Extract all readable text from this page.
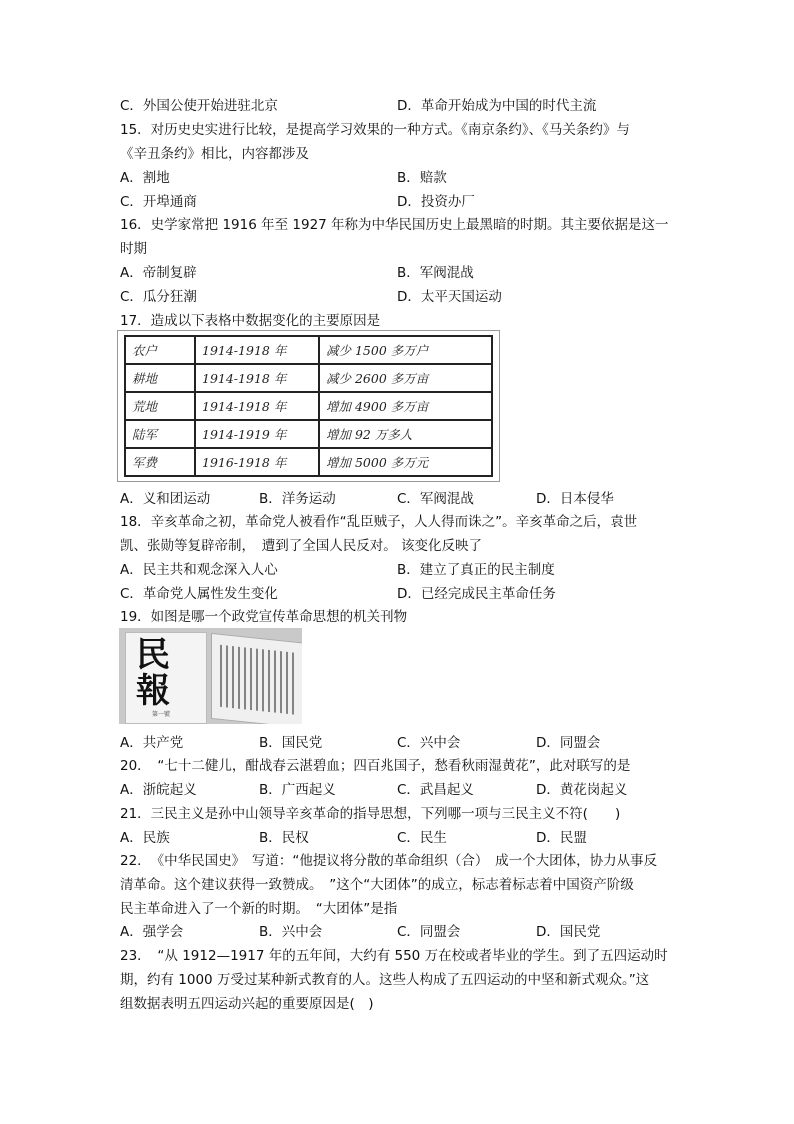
C．外国公使开始进驻北京	D．革命开始成为中国的时代主流
15．对历史史实进行比较，是提高学习效果的一种方式。《南京条约》、《马关条约》与
《辛丑条约》相比，内容都涉及
A．割地	B．赔款
C．开埠通商	D．投资办厂
16．史学家常把 1916 年至 1927 年称为中华民国历史上最黑暗的时期。其主要依据是这一
时期
A．帝制复辟	B．军阀混战
C．瓜分狂潮	D．太平天国运动
17．造成以下表格中数据变化的主要原因是
A．义和团运动	B．洋务运动	C．军阀混战	D．日本侵华
18．辛亥革命之初，革命党人被看作“乱臣贼子，人人得而诛之”。辛亥革命之后，袁世
凯、张勋等复辟帝制，　遭到了全国人民反对。 该变化反映了
A．民主共和观念深入人心	B．建立了真正的民主制度
C．革命党人属性发生变化	D．已经完成民主革命任务
19．如图是哪一个政党宣传革命思想的机关刊物
A．共产党	B．国民党	C．兴中会	D．同盟会
20．　“七十二健儿，酣战春云湛碧血；四百兆国子，愁看秋雨湿黄花”，此对联写的是
A．浙皖起义	B．广西起义	C．武昌起义	D．黄花岗起义
21．三民主义是孙中山领导辛亥革命的指导思想，下列哪一项与三民主义不符(　　)
A．民族	B．民权	C．民生	D．民盟
22．　《中华民国史》　写道：“他提议将分散的革命组织（合）　成一个大团体，协力从事反
清革命。这个建议获得一致赞成。　”这个“大团体”的成立，标志着标志着中国资产阶级
民主革命进入了一个新的时期。　“大团体”是指
A．强学会	B．兴中会	C．同盟会	D．国民党
23．　“从 1912—1917 年的五年间，大约有 550 万在校或者毕业的学生。到了五四运动时
期，约有 1000 万受过某种新式教育的人。这些人构成了五四运动的中坚和新式观众。”这
组数据表明五四运动兴起的重要原因是(　)
农户	1914-1918 年	减少 1500 多万户
耕地	1914-1918 年	减少 2600 多万亩
荒地	1914-1918 年	增加 4900 多万亩
陆军	1914-1919 年	增加 92 万多人
军费	1916-1918 年	增加 5000 多万元
民
報
第一號
